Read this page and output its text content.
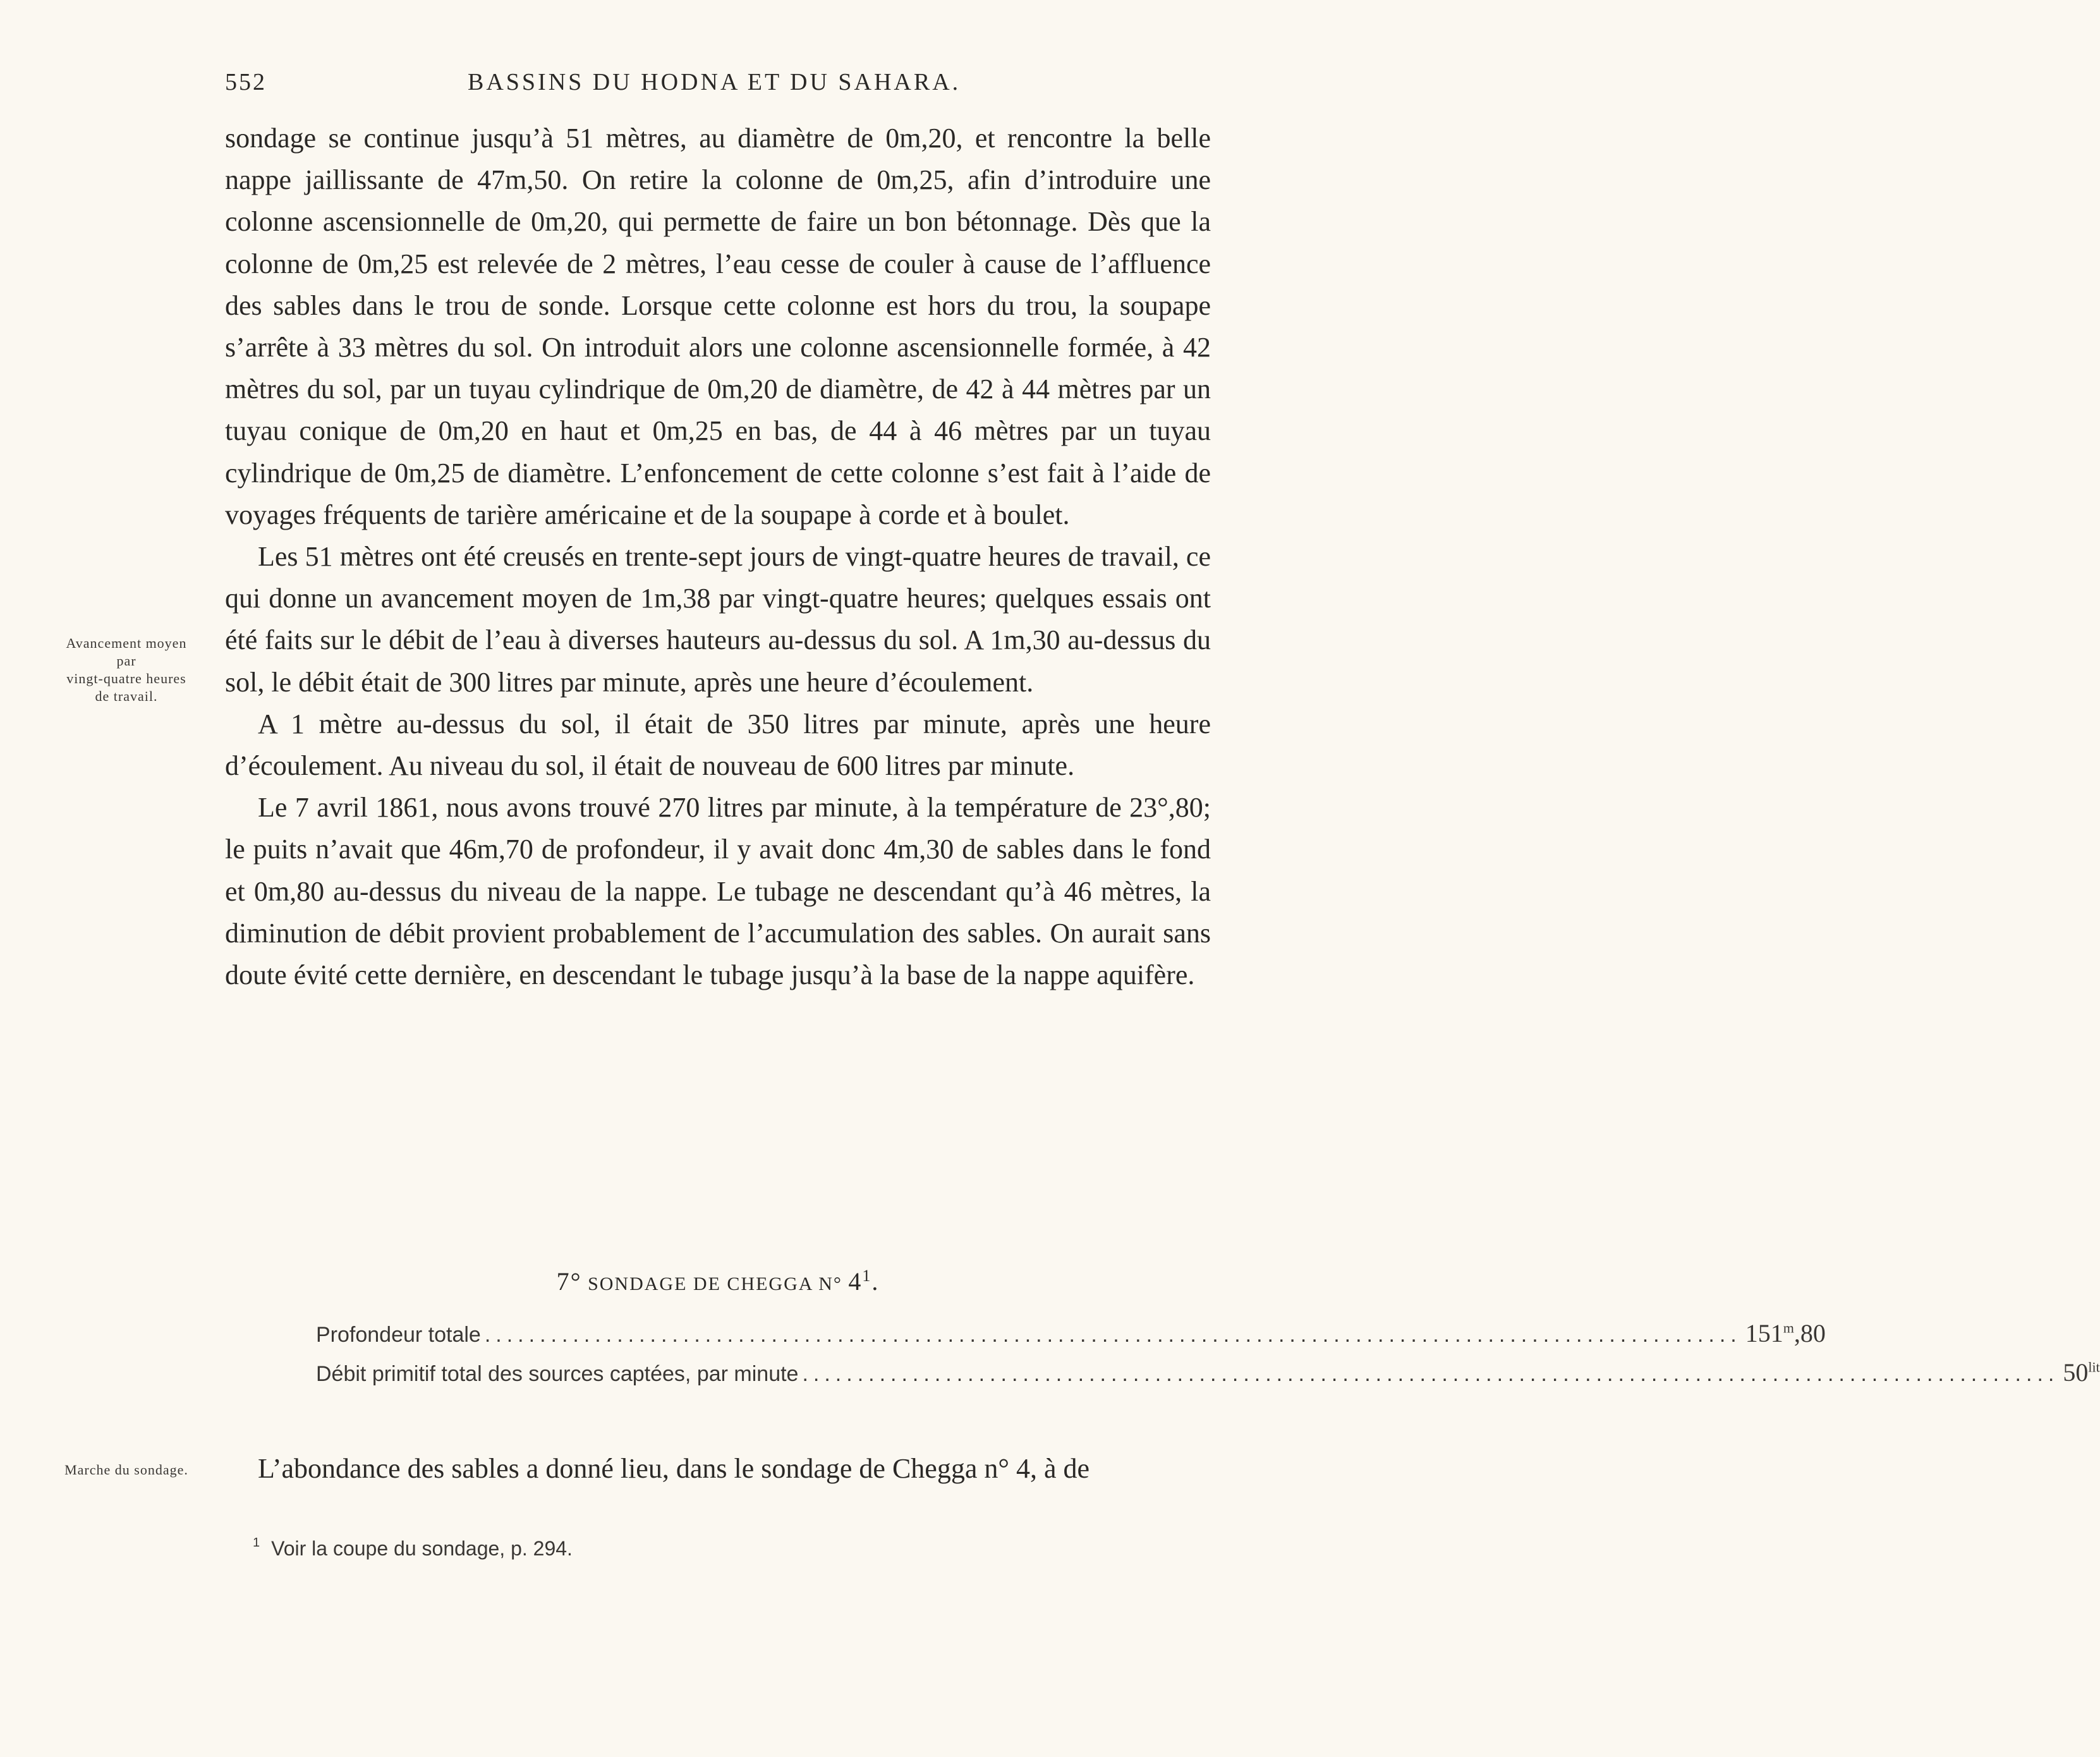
552	BASSINS DU HODNA ET DU SAHARA.

sondage se continue jusqu’à 51 mètres, au diamètre de 0m,20, et rencontre la belle nappe jaillissante de 47m,50. On retire la colonne de 0m,25, afin d’introduire une colonne ascensionnelle de 0m,20, qui permette de faire un bon bétonnage. Dès que la colonne de 0m,25 est relevée de 2 mètres, l’eau cesse de couler à cause de l’affluence des sables dans le trou de sonde. Lorsque cette colonne est hors du trou, la soupape s’arrête à 33 mètres du sol. On introduit alors une colonne ascensionnelle formée, à 42 mètres du sol, par un tuyau cylindrique de 0m,20 de diamètre, de 42 à 44 mètres par un tuyau conique de 0m,20 en haut et 0m,25 en bas, de 44 à 46 mètres par un tuyau cylindrique de 0m,25 de diamètre. L’enfoncement de cette colonne s’est fait à l’aide de voyages fréquents de tarière américaine et de la soupape à corde et à boulet.

Les 51 mètres ont été creusés en trente-sept jours de vingt-quatre heures de travail, ce qui donne un avancement moyen de 1m,38 par vingt-quatre heures; quelques essais ont été faits sur le débit de l’eau à diverses hauteurs au-dessus du sol. A 1m,30 au-dessus du sol, le débit était de 300 litres par minute, après une heure d’écoulement.

A 1 mètre au-dessus du sol, il était de 350 litres par minute, après une heure d’écoulement. Au niveau du sol, il était de nouveau de 600 litres par minute.

Le 7 avril 1861, nous avons trouvé 270 litres par minute, à la température de 23°,80; le puits n’avait que 46m,70 de profondeur, il y avait donc 4m,30 de sables dans le fond et 0m,80 au-dessus du niveau de la nappe. Le tubage ne descendant qu’à 46 mètres, la diminution de débit provient probablement de l’accumulation des sables. On aurait sans doute évité cette dernière, en descendant le tubage jusqu’à la base de la nappe aquifère.

Avancement moyen
par
vingt-quatre heures
de travail.
7° SONDAGE DE CHEGGA N° $4^1$.
Profondeur totale .................................................................................................................. 151$^m$,80
Débit primitif total des sources captées, par minute .................................................................................................................. $50^{lit}$
Marche du sondage.	L’abondance des sables a donné lieu, dans le sondage de Chegga n° 4, à de
$^1$ Voir la coupe du sondage, p. 294.
